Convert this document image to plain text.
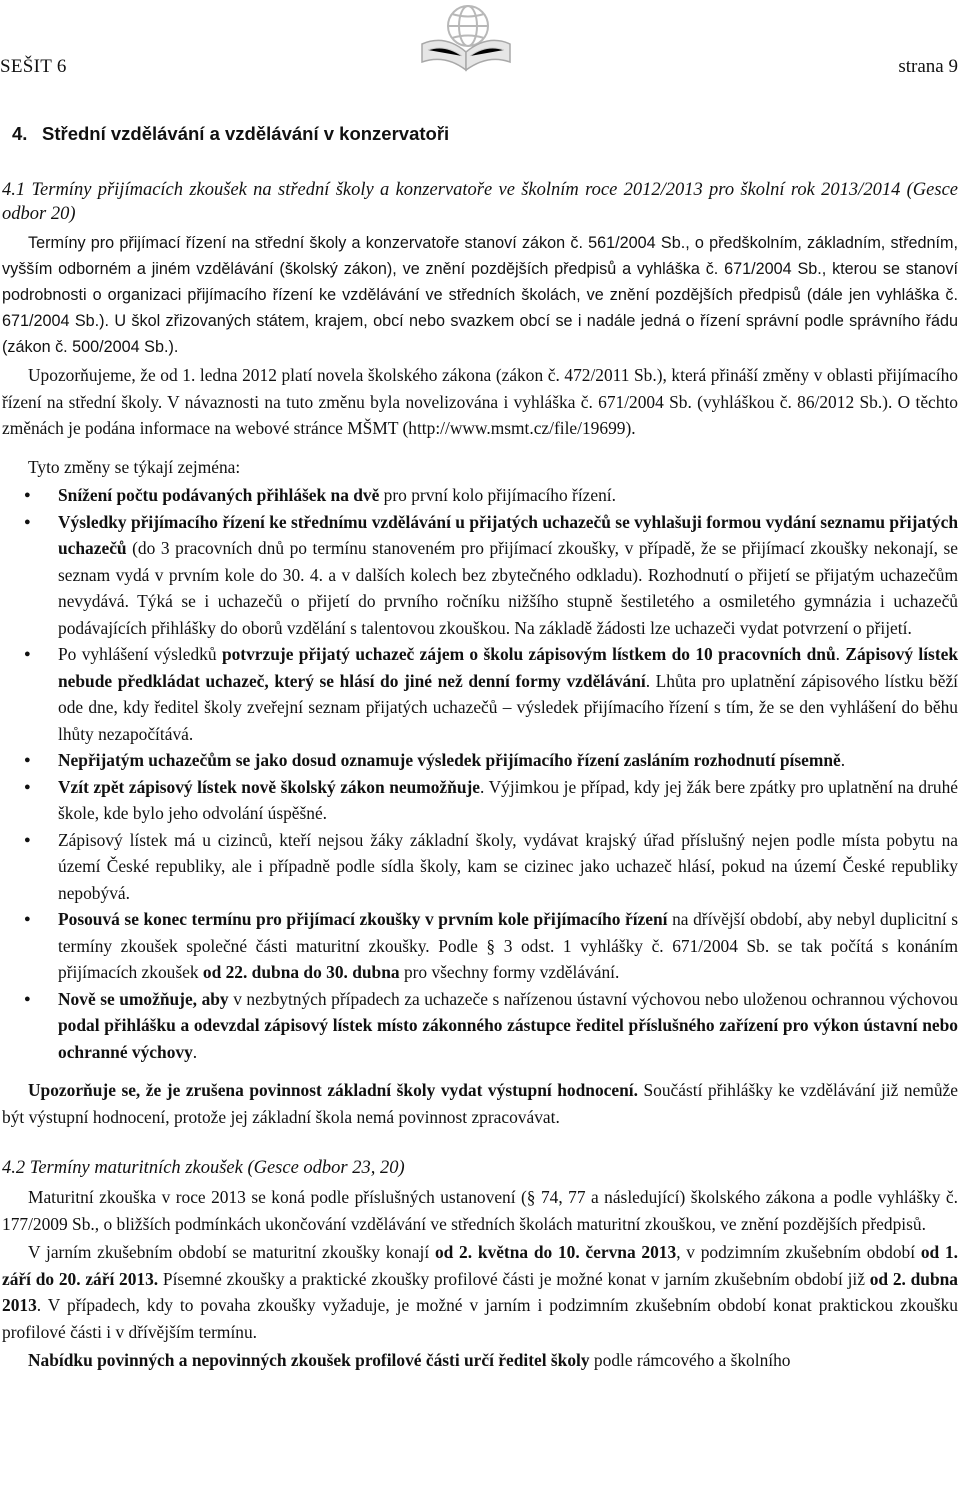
SEŠIT 6	strana 9
4. Střední vzdělávání a vzdělávání v konzervatoři
4.1 Termíny přijímacích zkoušek na střední školy a konzervatoře ve školním roce 2012/2013 pro školní rok 2013/2014 (Gesce odbor 20)

Termíny pro přijímací řízení na střední školy a konzervatoře stanoví zákon č. 561/2004 Sb., o předškolním, základním, středním, vyšším odborném a jiném vzdělávání (školský zákon), ve znění pozdějších předpisů a vyhláška č. 671/2004 Sb., kterou se stanoví podrobnosti o organizaci přijímacího řízení ke vzdělávání ve středních školách, ve znění pozdějších předpisů (dále jen vyhláška č. 671/2004 Sb.). U škol zřizovaných státem, krajem, obcí nebo svazkem obcí se i nadále jedná o řízení správní podle správního řádu (zákon č. 500/2004 Sb.).

Upozorňujeme, že od 1. ledna 2012 platí novela školského zákona (zákon č. 472/2011 Sb.), která přináší změny v oblasti přijímacího řízení na střední školy. V návaznosti na tuto změnu byla novelizována i vyhláška č. 671/2004 Sb. (vyhláškou č. 86/2012 Sb.). O těchto změnách je podána informace na webové stránce MŠMT (http://www.msmt.cz/file/19699).

Tyto změny se týkají zejména:

● Snížení počtu podávaných přihlášek na dvě pro první kolo přijímacího řízení.
● Výsledky přijímacího řízení ke střednímu vzdělávání u přijatých uchazečů se vyhlašuji formou vydání seznamu přijatých uchazečů (do 3 pracovních dnů po termínu stanoveném pro přijímací zkoušky, v případě, že se přijímací zkoušky nekonají, se seznam vydá v prvním kole do 30. 4. a v dalších kolech bez zbytečného odkladu). Rozhodnutí o přijetí se přijatým uchazečům nevydává. Týká se i uchazečů o přijetí do prvního ročníku nižšího stupně šestiletého a osmiletého gymnázia i uchazečů podávajících přihlášky do oborů vzdělání s talentovou zkouškou. Na základě žádosti lze uchazeči vydat potvrzení o přijetí.
● Po vyhlášení výsledků potvrzuje přijatý uchazeč zájem o školu zápisovým lístkem do 10 pracovních dnů. Zápisový lístek nebude předkládat uchazeč, který se hlásí do jiné než denní formy vzdělávání. Lhůta pro uplatnění zápisového lístku běží ode dne, kdy ředitel školy zveřejní seznam přijatých uchazečů – výsledek přijímacího řízení s tím, že se den vyhlášení do běhu lhůty nezapočítává.
● Nepřijatým uchazečům se jako dosud oznamuje výsledek přijímacího řízení zasláním rozhodnutí písemně.
● Vzít zpět zápisový lístek nově školský zákon neumožňuje. Výjimkou je případ, kdy jej žák bere zpátky pro uplatnění na druhé škole, kde bylo jeho odvolání úspěšné.
● Zápisový lístek má u cizinců, kteří nejsou žáky základní školy, vydávat krajský úřad příslušný nejen podle místa pobytu na území České republiky, ale i případně podle sídla školy, kam se cizinec jako uchazeč hlásí, pokud na území České republiky nepobývá.
● Posouvá se konec termínu pro přijímací zkoušky v prvním kole přijímacího řízení na dřívější období, aby nebyl duplicitní s termíny zkoušek společné části maturitní zkoušky. Podle § 3 odst. 1 vyhlášky č. 671/2004 Sb. se tak počítá s konáním přijímacích zkoušek od 22. dubna do 30. dubna pro všechny formy vzdělávání.
● Nově se umožňuje, aby v nezbytných případech za uchazeče s nařízenou ústavní výchovou nebo uloženou ochrannou výchovou podal přihlášku a odevzdal zápisový lístek místo zákonného zástupce ředitel příslušného zařízení pro výkon ústavní nebo ochranné výchovy.

Upozorňuje se, že je zrušena povinnost základní školy vydat výstupní hodnocení. Součástí přihlášky ke vzdělávání již nemůže být výstupní hodnocení, protože jej základní škola nemá povinnost zpracovávat.

4.2 Termíny maturitních zkoušek (Gesce odbor 23, 20)

Maturitní zkouška v roce 2013 se koná podle příslušných ustanovení (§ 74, 77 a následující) školského zákona a podle vyhlášky č. 177/2009 Sb., o bližších podmínkách ukončování vzdělávání ve středních školách maturitní zkouškou, ve znění pozdějších předpisů.

V jarním zkušebním období se maturitní zkoušky konají od 2. května do 10. června 2013, v podzimním zkušebním období od 1. září do 20. září 2013. Písemné zkoušky a praktické zkoušky profilové části je možné konat v jarním zkušebním období již od 2. dubna 2013. V případech, kdy to povaha zkoušky vyžaduje, je možné v jarním i podzimním zkušebním období konat praktickou zkoušku profilové části i v dřívějším termínu.

Nabídku povinných a nepovinných zkoušek profilové části určí ředitel školy podle rámcového a školního
